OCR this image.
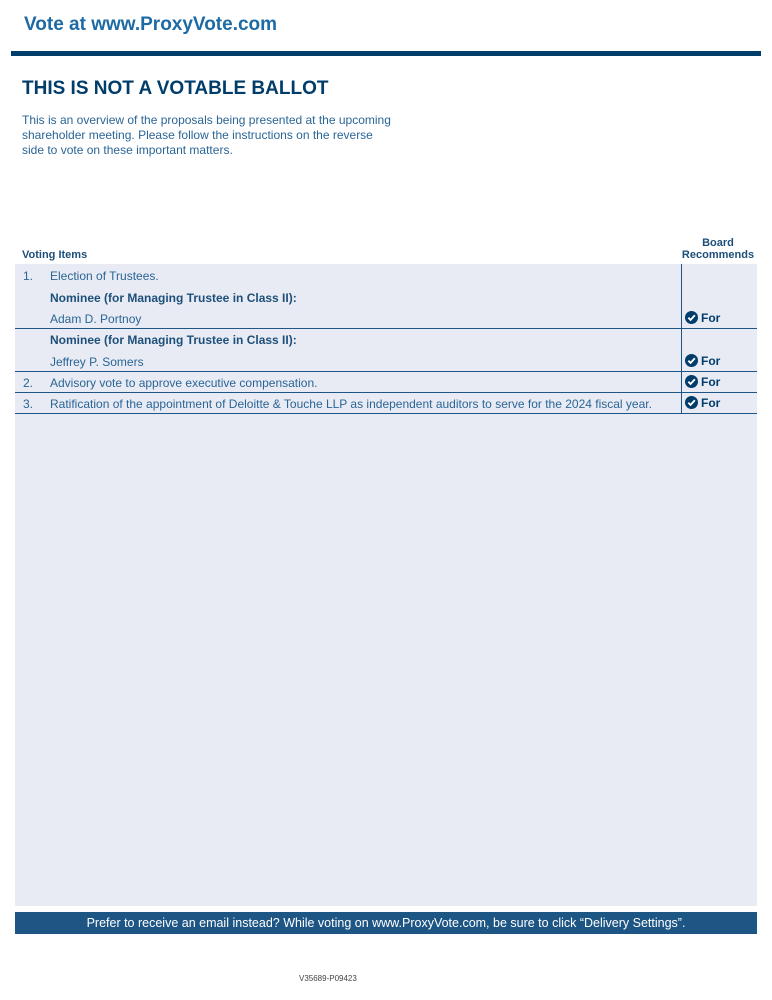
Vote at www.ProxyVote.com
THIS IS NOT A VOTABLE BALLOT
This is an overview of the proposals being presented at the upcoming shareholder meeting. Please follow the instructions on the reverse side to vote on these important matters.
Voting Items
Board Recommends
1. Election of Trustees.
Nominee (for Managing Trustee in Class II):
Adam D. Portnoy	For
Nominee (for Managing Trustee in Class II):
Jeffrey P. Somers	For
2. Advisory vote to approve executive compensation.	For
3. Ratification of the appointment of Deloitte & Touche LLP as independent auditors to serve for the 2024 fiscal year.	For
Prefer to receive an email instead? While voting on www.ProxyVote.com, be sure to click “Delivery Settings”.
V35689-P09423
